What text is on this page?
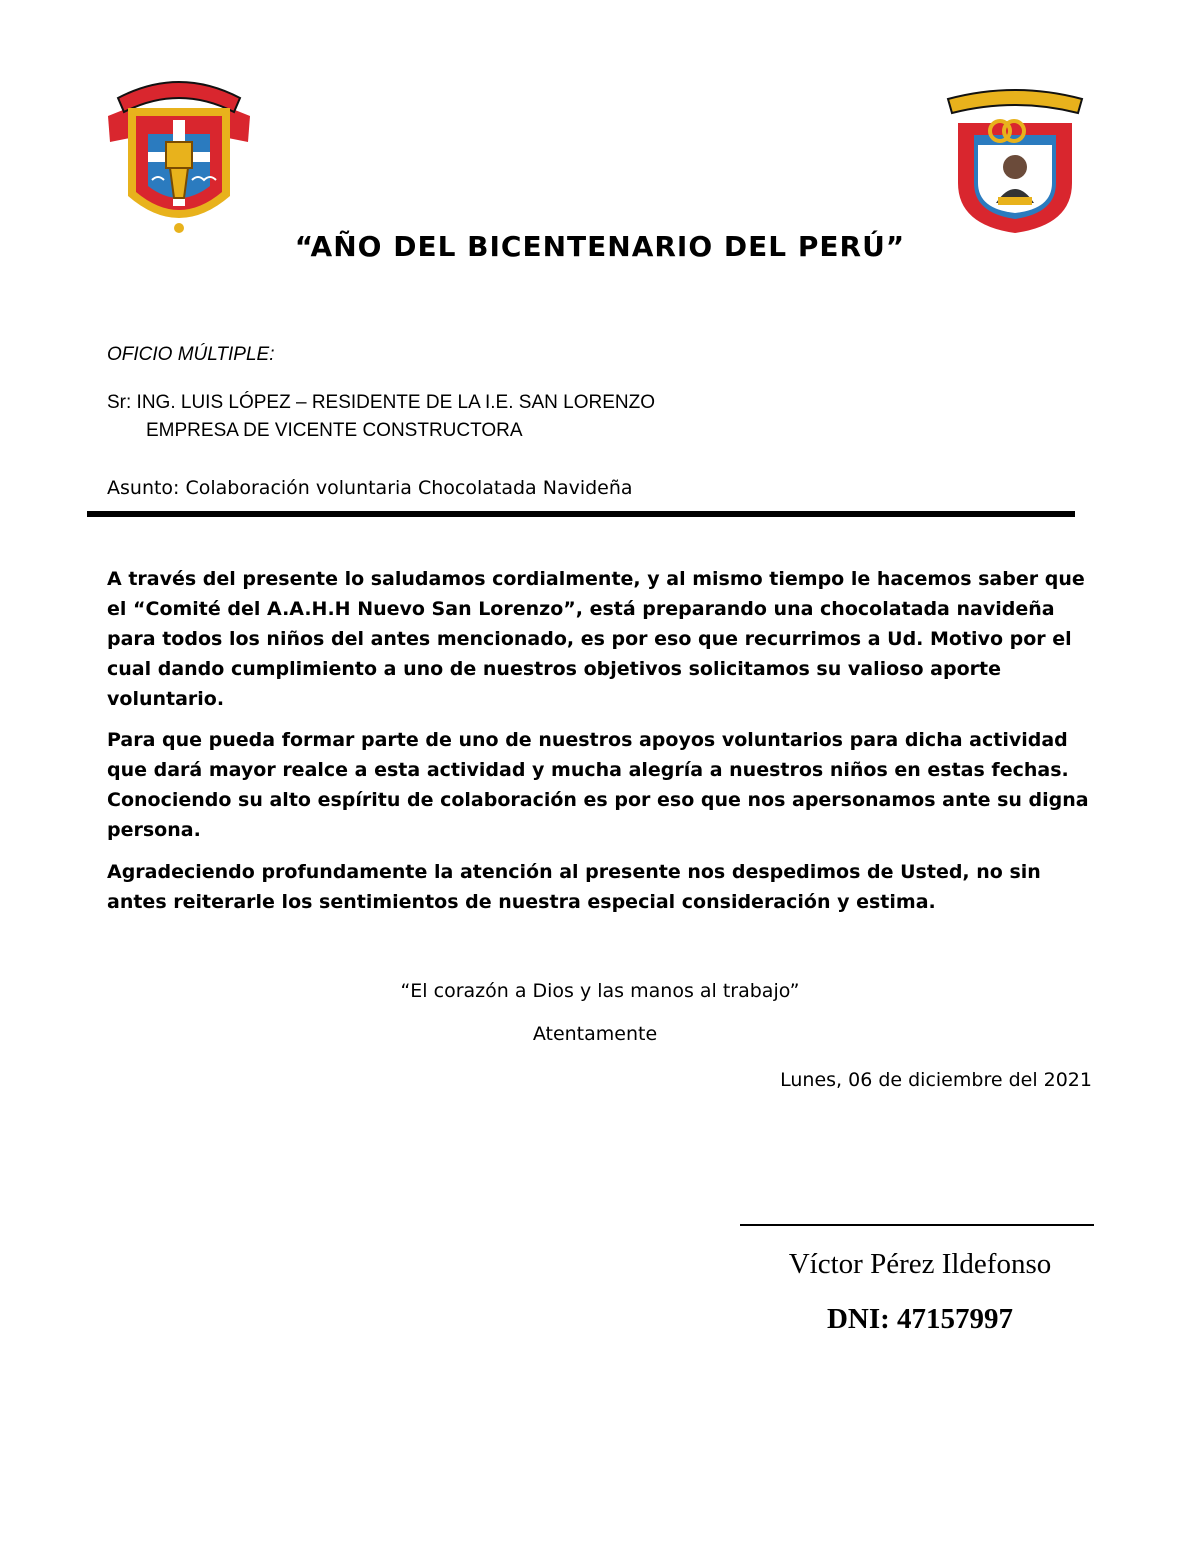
“AÑO DEL BICENTENARIO DEL PERÚ”
OFICIO MÚLTIPLE:
Sr: ING. LUIS LÓPEZ – RESIDENTE DE LA I.E. SAN LORENZO
EMPRESA DE VICENTE CONSTRUCTORA
Asunto: Colaboración voluntaria Chocolatada Navideña
A través del presente lo saludamos cordialmente, y al mismo tiempo le hacemos saber que el “Comité del A.A.H.H Nuevo San Lorenzo”, está preparando una chocolatada navideña para todos los niños del antes mencionado, es por eso que recurrimos a Ud. Motivo por el cual dando cumplimiento a uno de nuestros objetivos solicitamos su valioso aporte voluntario.
Para que pueda formar parte de uno de nuestros apoyos voluntarios para dicha actividad que dará mayor realce a esta actividad y mucha alegría a nuestros niños en estas fechas. Conociendo su alto espíritu de colaboración es por eso que nos apersonamos ante su digna persona.
Agradeciendo profundamente la atención al presente nos despedimos de Usted, no sin antes reiterarle los sentimientos de nuestra especial consideración y estima.
“El corazón a Dios y las manos al trabajo”
Atentamente
Lunes, 06 de diciembre del 2021
Víctor Pérez Ildefonso
DNI: 47157997
